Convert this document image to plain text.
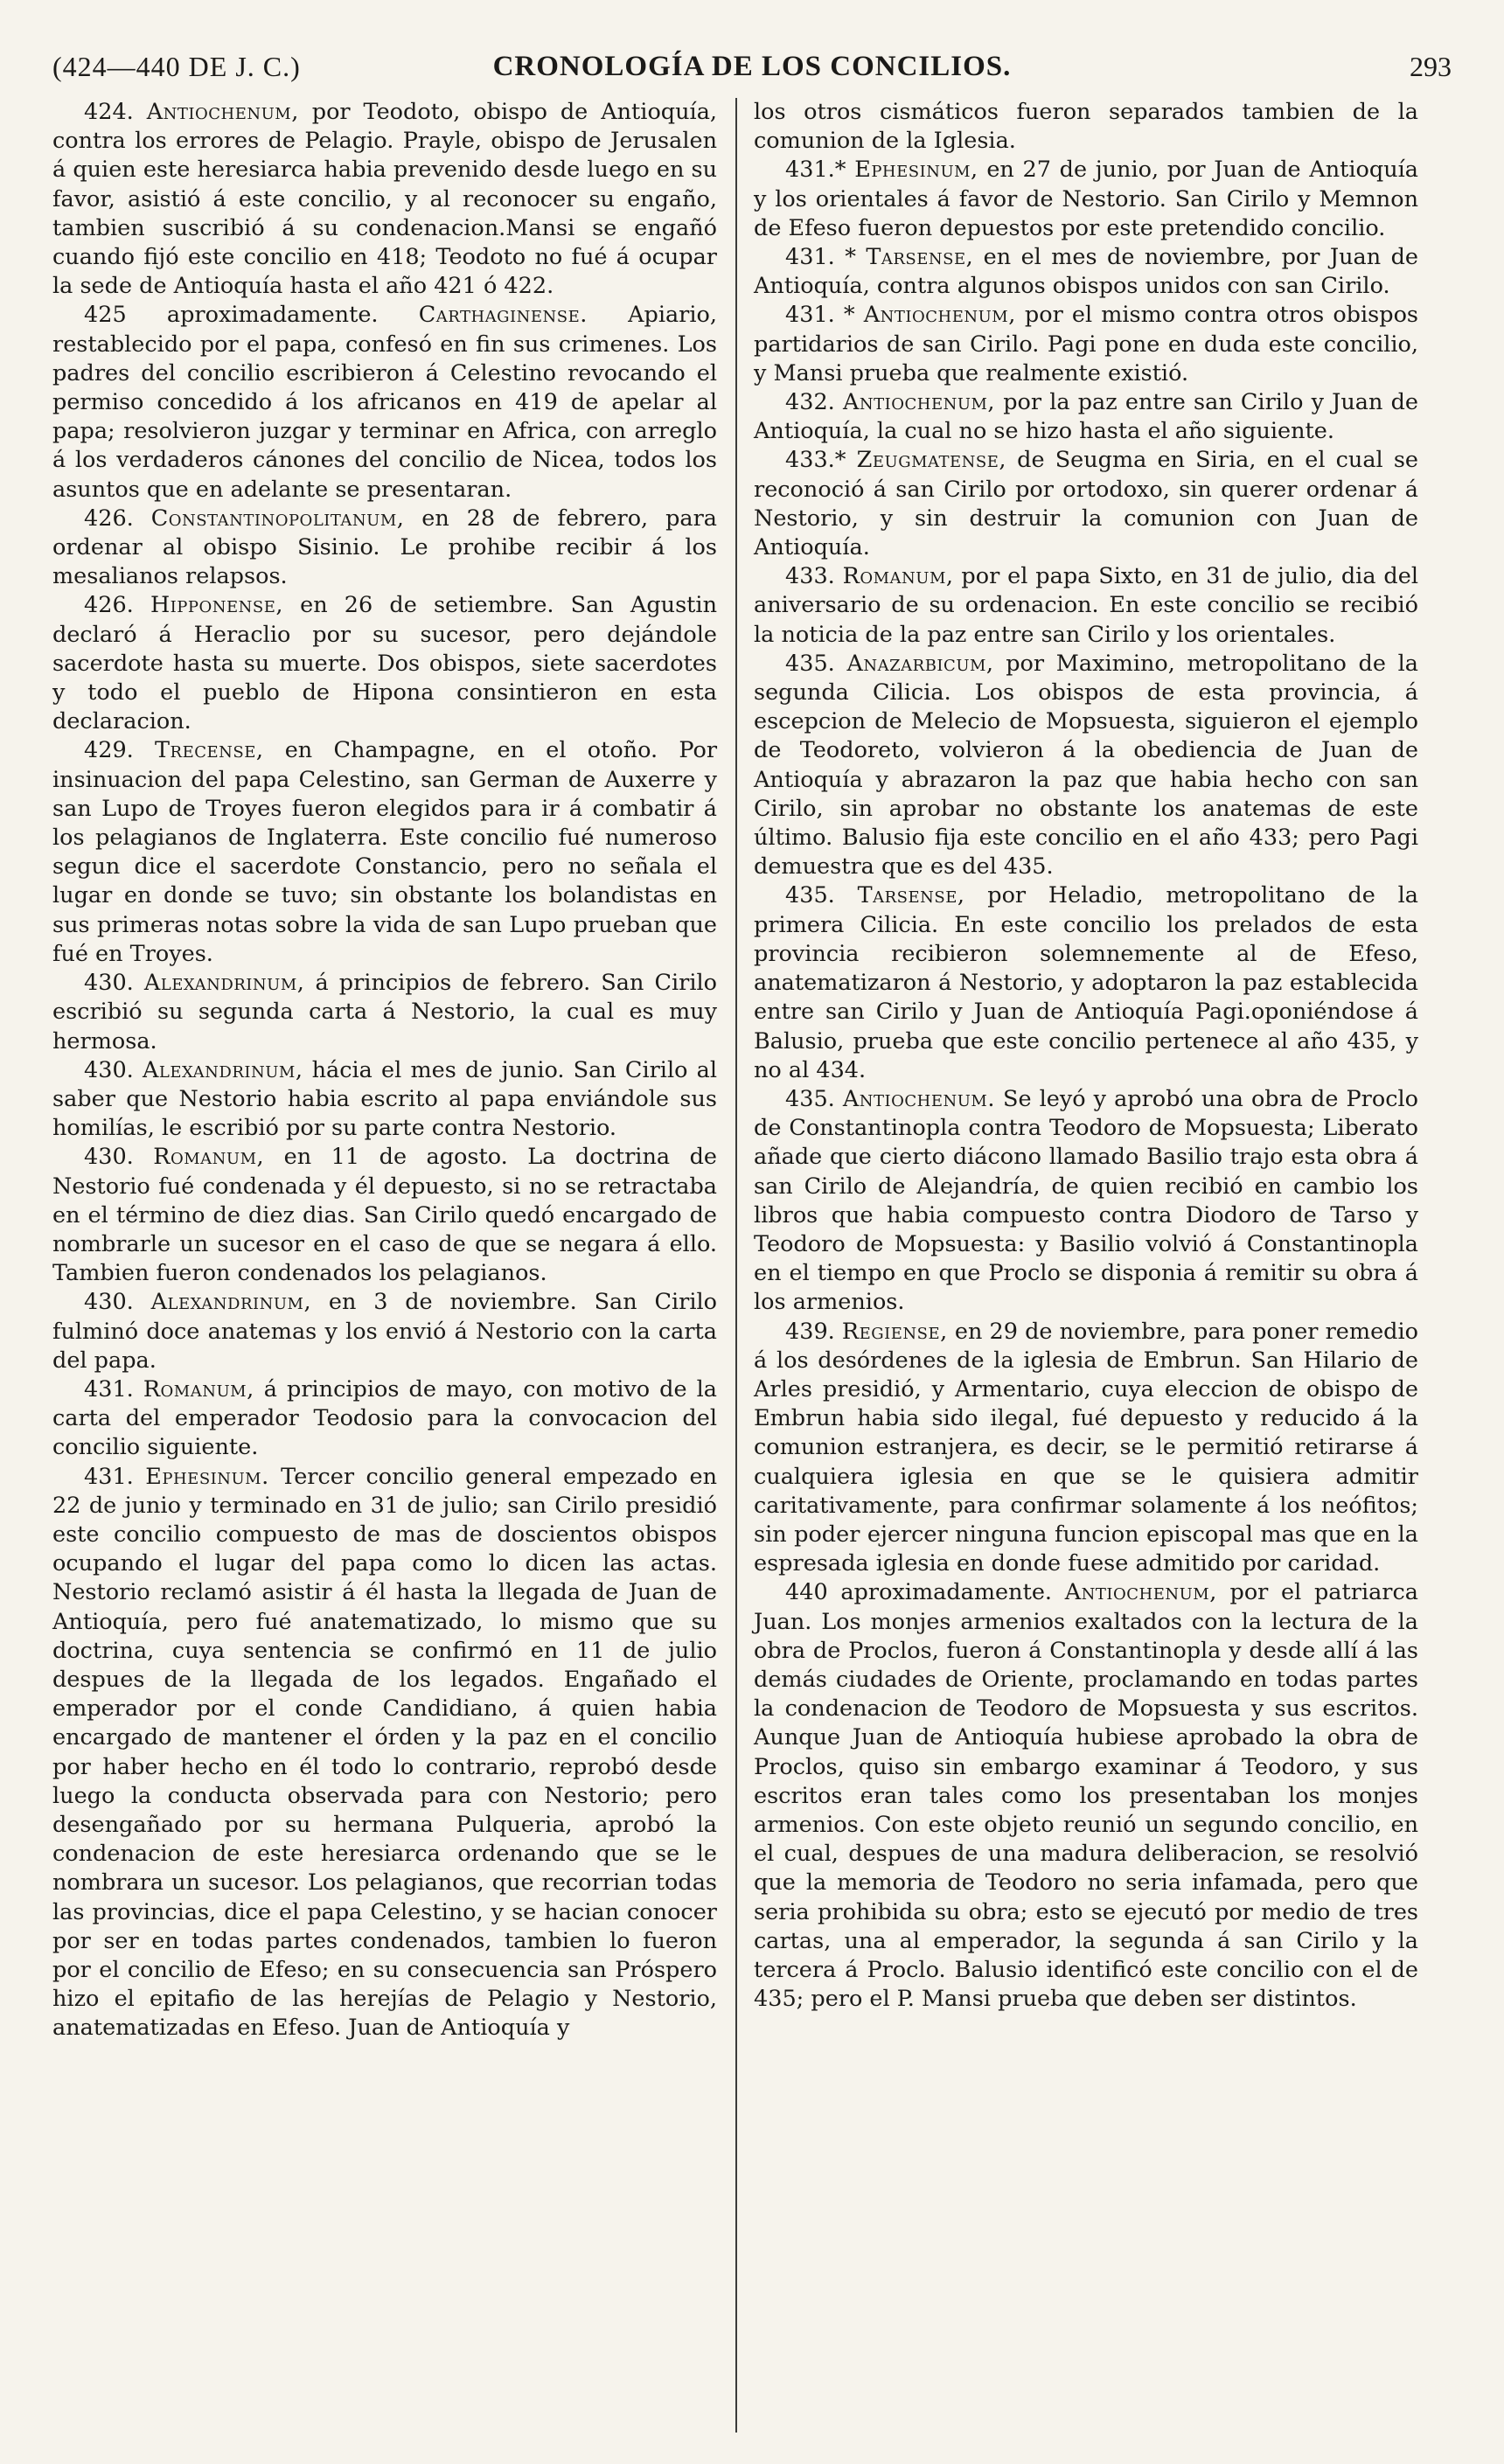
(424—440 DE J. C.)	CRONOLOGÍA DE LOS CONCILIOS.	293

424. Antiochenum, por Teodoto, obispo de Antioquía, contra los errores de Pelagio. Prayle, obispo de Jerusalen á quien este heresiarca habia prevenido desde luego en su favor, asistió á este concilio, y al reconocer su engaño, tambien suscribió á su condenacion.Mansi se engañó cuando fijó este concilio en 418; Teodoto no fué á ocupar la sede de Antioquía hasta el año 421 ó 422.

425 aproximadamente. Carthaginense. Apiario, restablecido por el papa, confesó en fin sus crimenes. Los padres del concilio escribieron á Celestino revocando el permiso concedido á los africanos en 419 de apelar al papa; resolvieron juzgar y terminar en Africa, con arreglo á los verdaderos cánones del concilio de Nicea, todos los asuntos que en adelante se presentaran.

426. Constantinopolitanum, en 28 de febrero, para ordenar al obispo Sisinio. Le prohibe recibir á los mesalianos relapsos.

426. Hipponense, en 26 de setiembre. San Agustin declaró á Heraclio por su sucesor, pero dejándole sacerdote hasta su muerte. Dos obispos, siete sacerdotes y todo el pueblo de Hipona consintieron en esta declaracion.

429. Trecense, en Champagne, en el otoño. Por insinuacion del papa Celestino, san German de Auxerre y san Lupo de Troyes fueron elegidos para ir á combatir á los pelagianos de Inglaterra. Este concilio fué numeroso segun dice el sacerdote Constancio, pero no señala el lugar en donde se tuvo; sin obstante los bolandistas en sus primeras notas sobre la vida de san Lupo prueban que fué en Troyes.

430. Alexandrinum, á principios de febrero. San Cirilo escribió su segunda carta á Nestorio, la cual es muy hermosa.

430. Alexandrinum, hácia el mes de junio. San Cirilo al saber que Nestorio habia escrito al papa enviándole sus homilías, le escribió por su parte contra Nestorio.

430. Romanum, en 11 de agosto. La doctrina de Nestorio fué condenada y él depuesto, si no se retractaba en el término de diez dias. San Cirilo quedó encargado de nombrarle un sucesor en el caso de que se negara á ello. Tambien fueron condenados los pelagianos.

430. Alexandrinum, en 3 de noviembre. San Cirilo fulminó doce anatemas y los envió á Nestorio con la carta del papa.

431. Romanum, á principios de mayo, con motivo de la carta del emperador Teodosio para la convocacion del concilio siguiente.

431. Ephesinum. Tercer concilio general empezado en 22 de junio y terminado en 31 de julio; san Cirilo presidió este concilio compuesto de mas de doscientos obispos ocupando el lugar del papa como lo dicen las actas. Nestorio reclamó asistir á él hasta la llegada de Juan de Antioquía, pero fué anatematizado, lo mismo que su doctrina, cuya sentencia se confirmó en 11 de julio despues de la llegada de los legados. Engañado el emperador por el conde Candidiano, á quien habia encargado de mantener el órden y la paz en el concilio por haber hecho en él todo lo contrario, reprobó desde luego la conducta observada para con Nestorio; pero desengañado por su hermana Pulqueria, aprobó la condenacion de este heresiarca ordenando que se le nombrara un sucesor. Los pelagianos, que recorrian todas las provincias, dice el papa Celestino, y se hacian conocer por ser en todas partes condenados, tambien lo fueron por el concilio de Efeso; en su consecuencia san Próspero hizo el epitafio de las herejías de Pelagio y Nestorio, anatematizadas en Efeso. Juan de Antioquía y

los otros cismáticos fueron separados tambien de la comunion de la Iglesia.

431.* Ephesinum, en 27 de junio, por Juan de Antioquía y los orientales á favor de Nestorio. San Cirilo y Memnon de Efeso fueron depuestos por este pretendido concilio.

431. * Tarsense, en el mes de noviembre, por Juan de Antioquía, contra algunos obispos unidos con san Cirilo.

431. * Antiochenum, por el mismo contra otros obispos partidarios de san Cirilo. Pagi pone en duda este concilio, y Mansi prueba que realmente existió.

432. Antiochenum, por la paz entre san Cirilo y Juan de Antioquía, la cual no se hizo hasta el año siguiente.

433.* Zeugmatense, de Seugma en Siria, en el cual se reconoció á san Cirilo por ortodoxo, sin querer ordenar á Nestorio, y sin destruir la comunion con Juan de Antioquía.

433. Romanum, por el papa Sixto, en 31 de julio, dia del aniversario de su ordenacion. En este concilio se recibió la noticia de la paz entre san Cirilo y los orientales.

435. Anazarbicum, por Maximino, metropolitano de la segunda Cilicia. Los obispos de esta provincia, á escepcion de Melecio de Mopsuesta, siguieron el ejemplo de Teodoreto, volvieron á la obediencia de Juan de Antioquía y abrazaron la paz que habia hecho con san Cirilo, sin aprobar no obstante los anatemas de este último. Balusio fija este concilio en el año 433; pero Pagi demuestra que es del 435.

435. Tarsense, por Heladio, metropolitano de la primera Cilicia. En este concilio los prelados de esta provincia recibieron solemnemente al de Efeso, anatematizaron á Nestorio, y adoptaron la paz establecida entre san Cirilo y Juan de Antioquía Pagi.oponiéndose á Balusio, prueba que este concilio pertenece al año 435, y no al 434.

435. Antiochenum. Se leyó y aprobó una obra de Proclo de Constantinopla contra Teodoro de Mopsuesta; Liberato añade que cierto diácono llamado Basilio trajo esta obra á san Cirilo de Alejandría, de quien recibió en cambio los libros que habia compuesto contra Diodoro de Tarso y Teodoro de Mopsuesta: y Basilio volvió á Constantinopla en el tiempo en que Proclo se disponia á remitir su obra á los armenios.

439. Regiense, en 29 de noviembre, para poner remedio á los desórdenes de la iglesia de Embrun. San Hilario de Arles presidió, y Armentario, cuya eleccion de obispo de Embrun habia sido ilegal, fué depuesto y reducido á la comunion estranjera, es decir, se le permitió retirarse á cualquiera iglesia en que se le quisiera admitir caritativamente, para confirmar solamente á los neófitos; sin poder ejercer ninguna funcion episcopal mas que en la espresada iglesia en donde fuese admitido por caridad.

440 aproximadamente. Antiochenum, por el patriarca Juan. Los monjes armenios exaltados con la lectura de la obra de Proclos, fueron á Constantinopla y desde allí á las demás ciudades de Oriente, proclamando en todas partes la condenacion de Teodoro de Mopsuesta y sus escritos. Aunque Juan de Antioquía hubiese aprobado la obra de Proclos, quiso sin embargo examinar á Teodoro, y sus escritos eran tales como los presentaban los monjes armenios. Con este objeto reunió un segundo concilio, en el cual, despues de una madura deliberacion, se resolvió que la memoria de Teodoro no seria infamada, pero que seria prohibida su obra; esto se ejecutó por medio de tres cartas, una al emperador, la segunda á san Cirilo y la tercera á Proclo. Balusio identificó este concilio con el de 435; pero el P. Mansi prueba que deben ser distintos.
